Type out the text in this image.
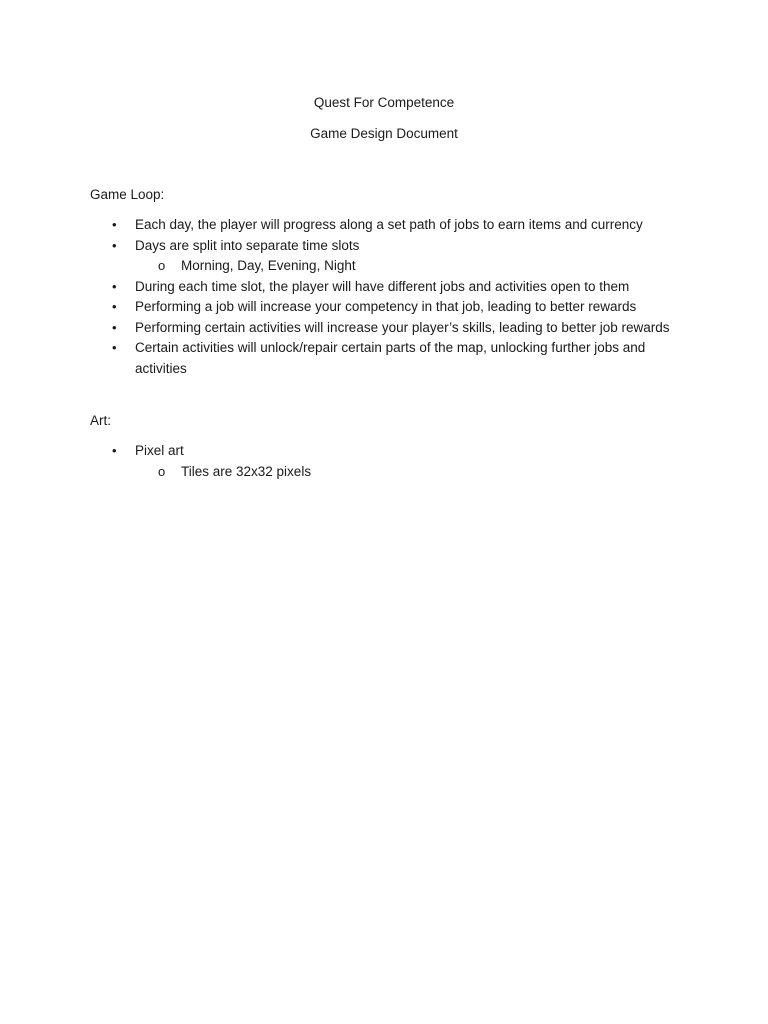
Quest For Competence
Game Design Document
Game Loop:
• Each day, the player will progress along a set path of jobs to earn items and currency
• Days are split into separate time slots
o Morning, Day, Evening, Night
• During each time slot, the player will have different jobs and activities open to them
• Performing a job will increase your competency in that job, leading to better rewards
• Performing certain activities will increase your player’s skills, leading to better job rewards
• Certain activities will unlock/repair certain parts of the map, unlocking further jobs and activities
Art:
• Pixel art
o Tiles are 32x32 pixels
